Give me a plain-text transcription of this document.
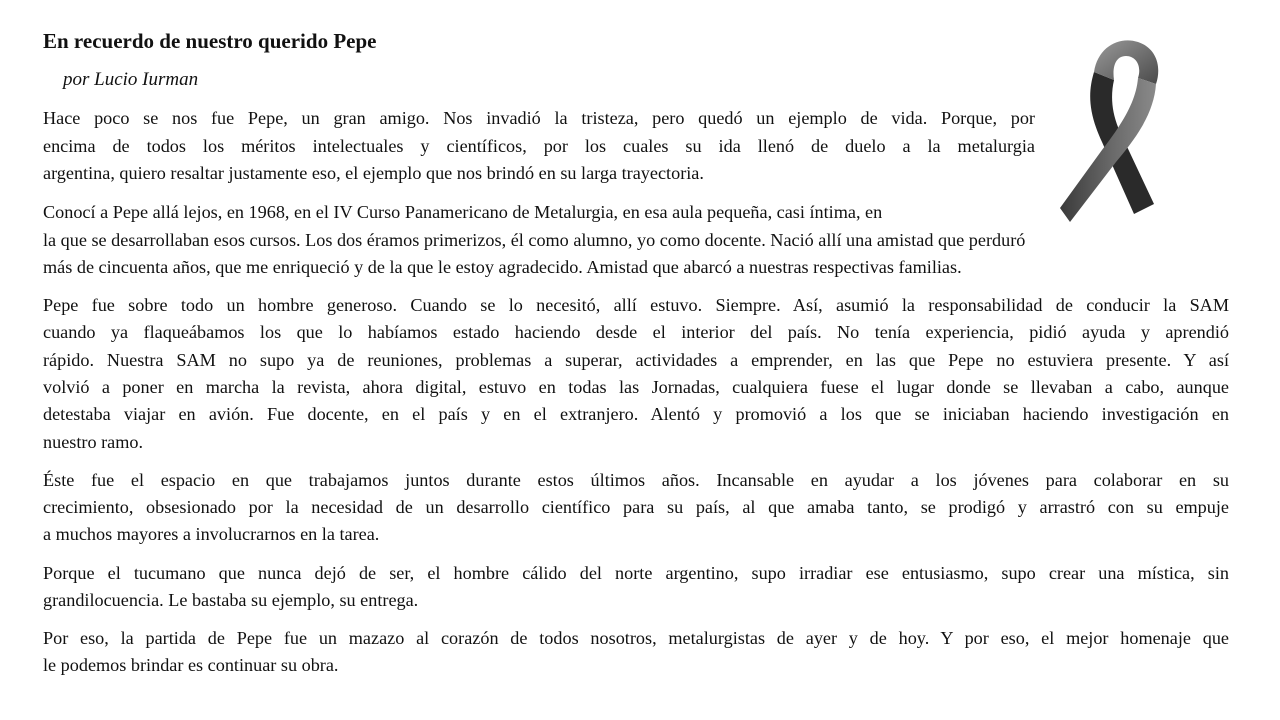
En recuerdo de nuestro querido Pepe
por Lucio Iurman
Hace poco se nos fue Pepe, un gran amigo. Nos invadió la tristeza, pero quedó un ejemplo de vida. Porque, por
encima de todos los méritos intelectuales y científicos, por los cuales su ida llenó de duelo a la metalurgia
argentina, quiero resaltar justamente eso, el ejemplo que nos brindó en su larga trayectoria.
Conocí a Pepe allá lejos, en 1968, en el IV Curso Panamericano de Metalurgia, en esa aula pequeña, casi íntima, en
la que se desarrollaban esos cursos. Los dos éramos primerizos, él como alumno, yo como docente. Nació allí una amistad que perduró
más de cincuenta años, que me enriqueció y de la que le estoy agradecido. Amistad que abarcó a nuestras respectivas familias.
Pepe fue sobre todo un hombre generoso. Cuando se lo necesitó, allí estuvo. Siempre. Así, asumió la responsabilidad de conducir la SAM
cuando ya flaqueábamos los que lo habíamos estado haciendo desde el interior del país. No tenía experiencia, pidió ayuda y aprendió
rápido. Nuestra SAM no supo ya de reuniones, problemas a superar, actividades a emprender, en las que Pepe no estuviera presente. Y así
volvió a poner en marcha la revista, ahora digital, estuvo en todas las Jornadas, cualquiera fuese el lugar donde se llevaban a cabo, aunque
detestaba viajar en avión. Fue docente, en el país y en el extranjero. Alentó y promovió a los que se iniciaban haciendo investigación en
nuestro ramo.
Éste fue el espacio en que trabajamos juntos durante estos últimos años. Incansable en ayudar a los jóvenes para colaborar en su
crecimiento, obsesionado por la necesidad de un desarrollo científico para su país, al que amaba tanto, se prodigó y arrastró con su empuje
a muchos mayores a involucrarnos en la tarea.
Porque el tucumano que nunca dejó de ser, el hombre cálido del norte argentino, supo irradiar ese entusiasmo, supo crear una mística, sin
grandilocuencia. Le bastaba su ejemplo, su entrega.
Por eso, la partida de Pepe fue un mazazo al corazón de todos nosotros, metalurgistas de ayer y de hoy. Y por eso, el mejor homenaje que
le podemos brindar es continuar su obra.
